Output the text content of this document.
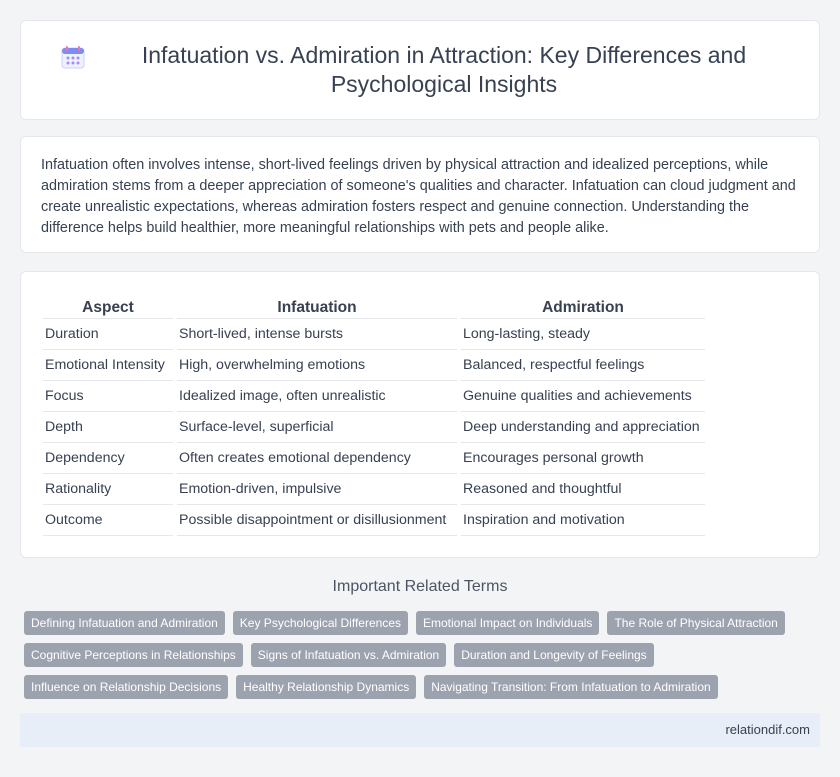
Infatuation vs. Admiration in Attraction: Key Differences and Psychological Insights
Infatuation often involves intense, short-lived feelings driven by physical attraction and idealized perceptions, while admiration stems from a deeper appreciation of someone's qualities and character. Infatuation can cloud judgment and create unrealistic expectations, whereas admiration fosters respect and genuine connection. Understanding the difference helps build healthier, more meaningful relationships with pets and people alike.
Aspect	Infatuation	Admiration
Duration	Short-lived, intense bursts	Long-lasting, steady
Emotional Intensity	High, overwhelming emotions	Balanced, respectful feelings
Focus	Idealized image, often unrealistic	Genuine qualities and achievements
Depth	Surface-level, superficial	Deep understanding and appreciation
Dependency	Often creates emotional dependency	Encourages personal growth
Rationality	Emotion-driven, impulsive	Reasoned and thoughtful
Outcome	Possible disappointment or disillusionment	Inspiration and motivation
Important Related Terms
Defining Infatuation and Admiration	Key Psychological Differences	Emotional Impact on Individuals	The Role of Physical Attraction
Cognitive Perceptions in Relationships	Signs of Infatuation vs. Admiration	Duration and Longevity of Feelings
Influence on Relationship Decisions	Healthy Relationship Dynamics	Navigating Transition: From Infatuation to Admiration
relationdif.com
